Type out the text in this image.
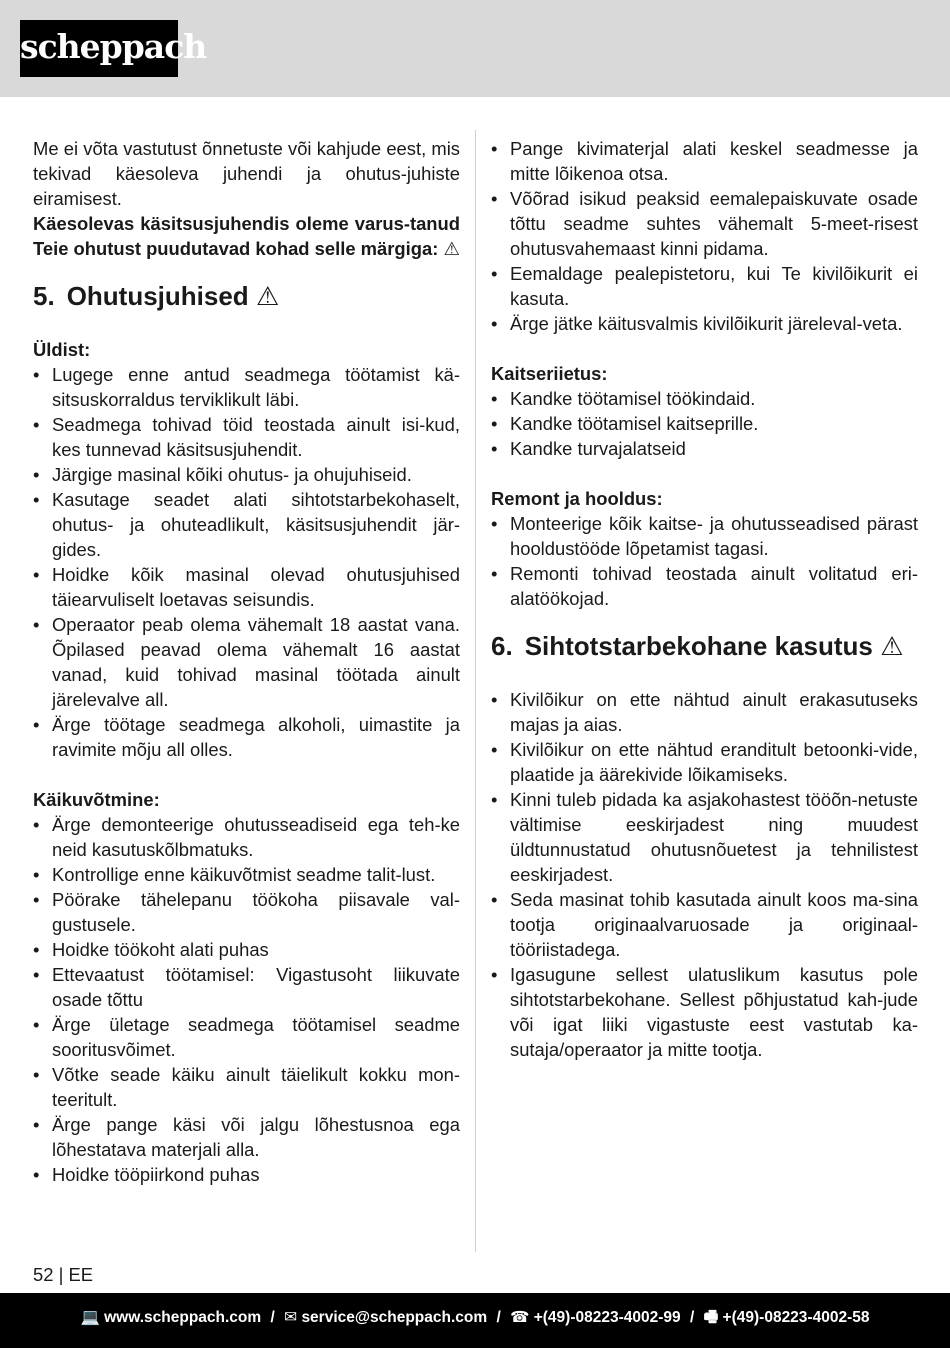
scheppach

Me ei võta vastutust õnnetuste või kahjude eest, mis tekivad käesoleva juhendi ja ohutus-juhiste eiramisest.

Käesolevas käsitsusjuhendis oleme varus-tanud Teie ohutust puudutavad kohad selle märgiga: ⚠

5. Ohutusjuhised ⚠
Üldist:
• Lugege enne antud seadmega töötamist kä-sitsuskorraldus terviklikult läbi.
• Seadmega tohivad töid teostada ainult isi-kud, kes tunnevad käsitsusjuhendit.
• Järgige masinal kõiki ohutus- ja ohujuhiseid.
• Kasutage seadet alati sihtotstarbekohaselt, ohutus- ja ohuteadlikult, käsitsusjuhendit jär-gides.
• Hoidke kõik masinal olevad ohutusjuhised täiearvuliselt loetavas seisundis.
• Operaator peab olema vähemalt 18 aastat vana. Õpilased peavad olema vähemalt 16 aastat vanad, kuid tohivad masinal töötada ainult järelevalve all.
• Ärge töötage seadmega alkoholi, uimastite ja ravimite mõju all olles.
Käikuvõtmine:
• Ärge demonteerige ohutusseadiseid ega teh-ke neid kasutuskõlbmatuks.
• Kontrollige enne käikuvõtmist seadme talit-lust.
• Pöörake tähelepanu töökoha piisavale val-gustusele.
• Hoidke töökoht alati puhas
• Ettevaatust töötamisel: Vigastusoht liikuvate osade tõttu
• Ärge ületage seadmega töötamisel seadme sooritusvõimet.
• Võtke seade käiku ainult täielikult kokku mon-teeritult.
• Ärge pange käsi või jalgu lõhestusnoa ega lõhestatava materjali alla.
• Hoidke tööpiirkond puhas
• Pange kivimaterjal alati keskel seadmesse ja mitte lõikenoa otsa.
• Võõrad isikud peaksid eemalepaiskuvate osade tõttu seadme suhtes vähemalt 5-meet-risest ohutusvahemaast kinni pidama.
• Eemaldage pealepistetoru, kui Te kivilõikurit ei kasuta.
• Ärge jätke käitusvalmis kivilõikurit järeleval-veta.
Kaitseriietus:
• Kandke töötamisel töökindaid.
• Kandke töötamisel kaitseprille.
• Kandke turvajalatseid
Remont ja hooldus:
• Monteerige kõik kaitse- ja ohutusseadised pärast hooldustööde lõpetamist tagasi.
• Remonti tohivad teostada ainult volitatud eri-alatöökojad.
6. Sihtotstarbekohane kasutus ⚠
• Kivilõikur on ette nähtud ainult erakasutuseks majas ja aias.
• Kivilõikur on ette nähtud eranditult betoonki-vide, plaatide ja äärekivide lõikamiseks.
• Kinni tuleb pidada ka asjakohastest tööõn-netuste vältimise eeskirjadest ning muudest üldtunnustatud ohutusnõuetest ja tehnilistest eeskirjadest.
• Seda masinat tohib kasutada ainult koos ma-sina tootja originaalvaruosade ja originaal-tööriistadega.
• Igasugune sellest ulatuslikum kasutus pole sihtotstarbekohane. Sellest põhjustatud kah-jude või igat liiki vigastuste eest vastutab ka-sutaja/operaator ja mitte tootja.
52 | EE
💻 www.scheppach.com / ✉ service@scheppach.com / ☎ +(49)-08223-4002-99 / 🖷 +(49)-08223-4002-58
